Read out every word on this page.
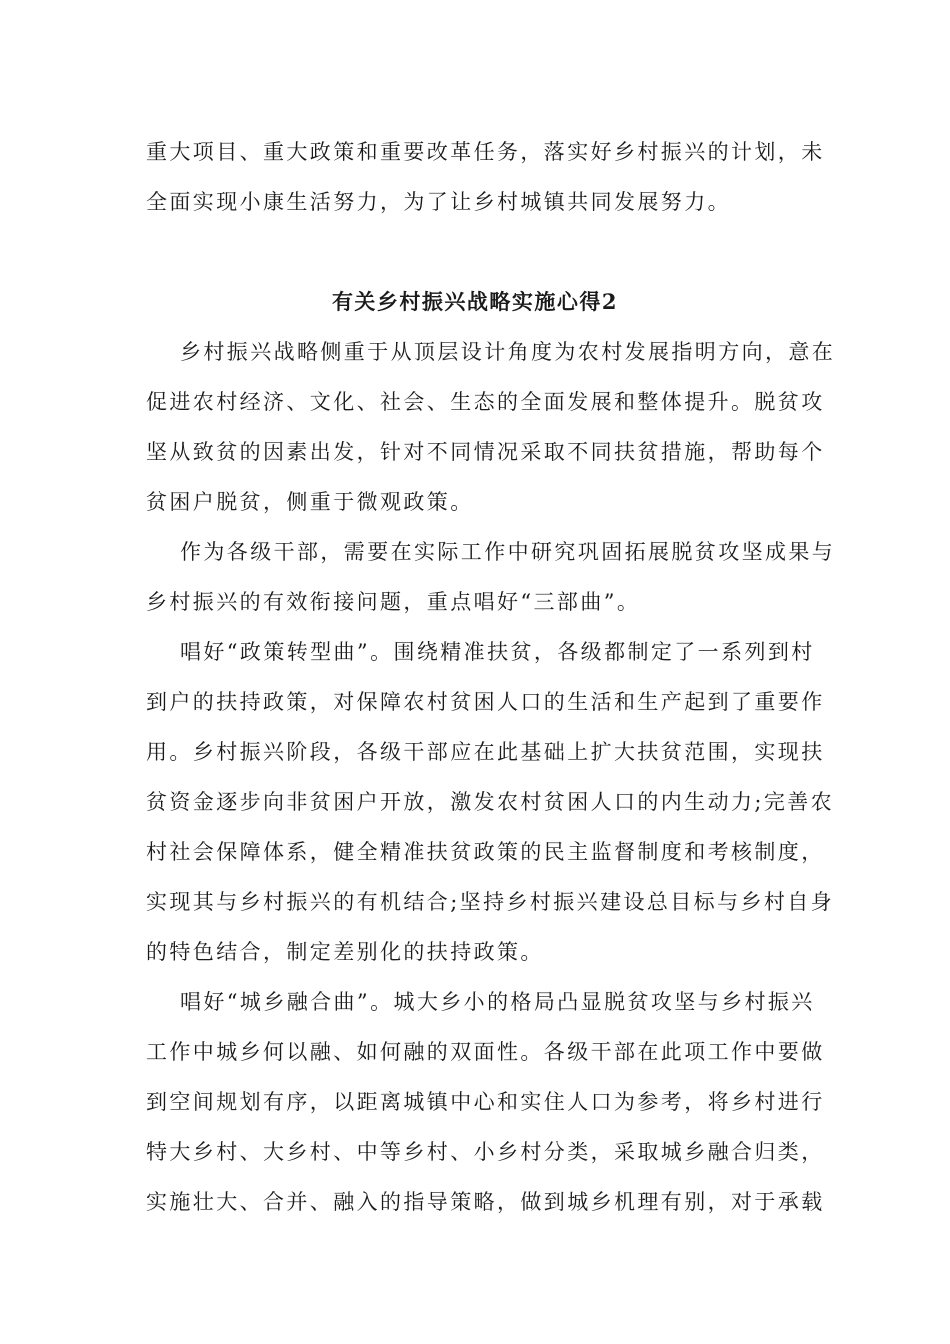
重大项目、重大政策和重要改革任务，落实好乡村振兴的计划，未
全面实现小康生活努力，为了让乡村城镇共同发展努力。
有关乡村振兴战略实施心得2
乡村振兴战略侧重于从顶层设计角度为农村发展指明方向，意在
促进农村经济、文化、社会、生态的全面发展和整体提升。脱贫攻
坚从致贫的因素出发，针对不同情况采取不同扶贫措施，帮助每个
贫困户脱贫，侧重于微观政策。
作为各级干部，需要在实际工作中研究巩固拓展脱贫攻坚成果与
乡村振兴的有效衔接问题，重点唱好“三部曲”。
唱好“政策转型曲”。围绕精准扶贫，各级都制定了一系列到村
到户的扶持政策，对保障农村贫困人口的生活和生产起到了重要作
用。乡村振兴阶段，各级干部应在此基础上扩大扶贫范围，实现扶
贫资金逐步向非贫困户开放，激发农村贫困人口的内生动力;完善农
村社会保障体系，健全精准扶贫政策的民主监督制度和考核制度，
实现其与乡村振兴的有机结合;坚持乡村振兴建设总目标与乡村自身
的特色结合，制定差别化的扶持政策。
唱好“城乡融合曲”。城大乡小的格局凸显脱贫攻坚与乡村振兴
工作中城乡何以融、如何融的双面性。各级干部在此项工作中要做
到空间规划有序，以距离城镇中心和实住人口为参考，将乡村进行
特大乡村、大乡村、中等乡村、小乡村分类，采取城乡融合归类，
实施壮大、合并、融入的指导策略，做到城乡机理有别，对于承载
